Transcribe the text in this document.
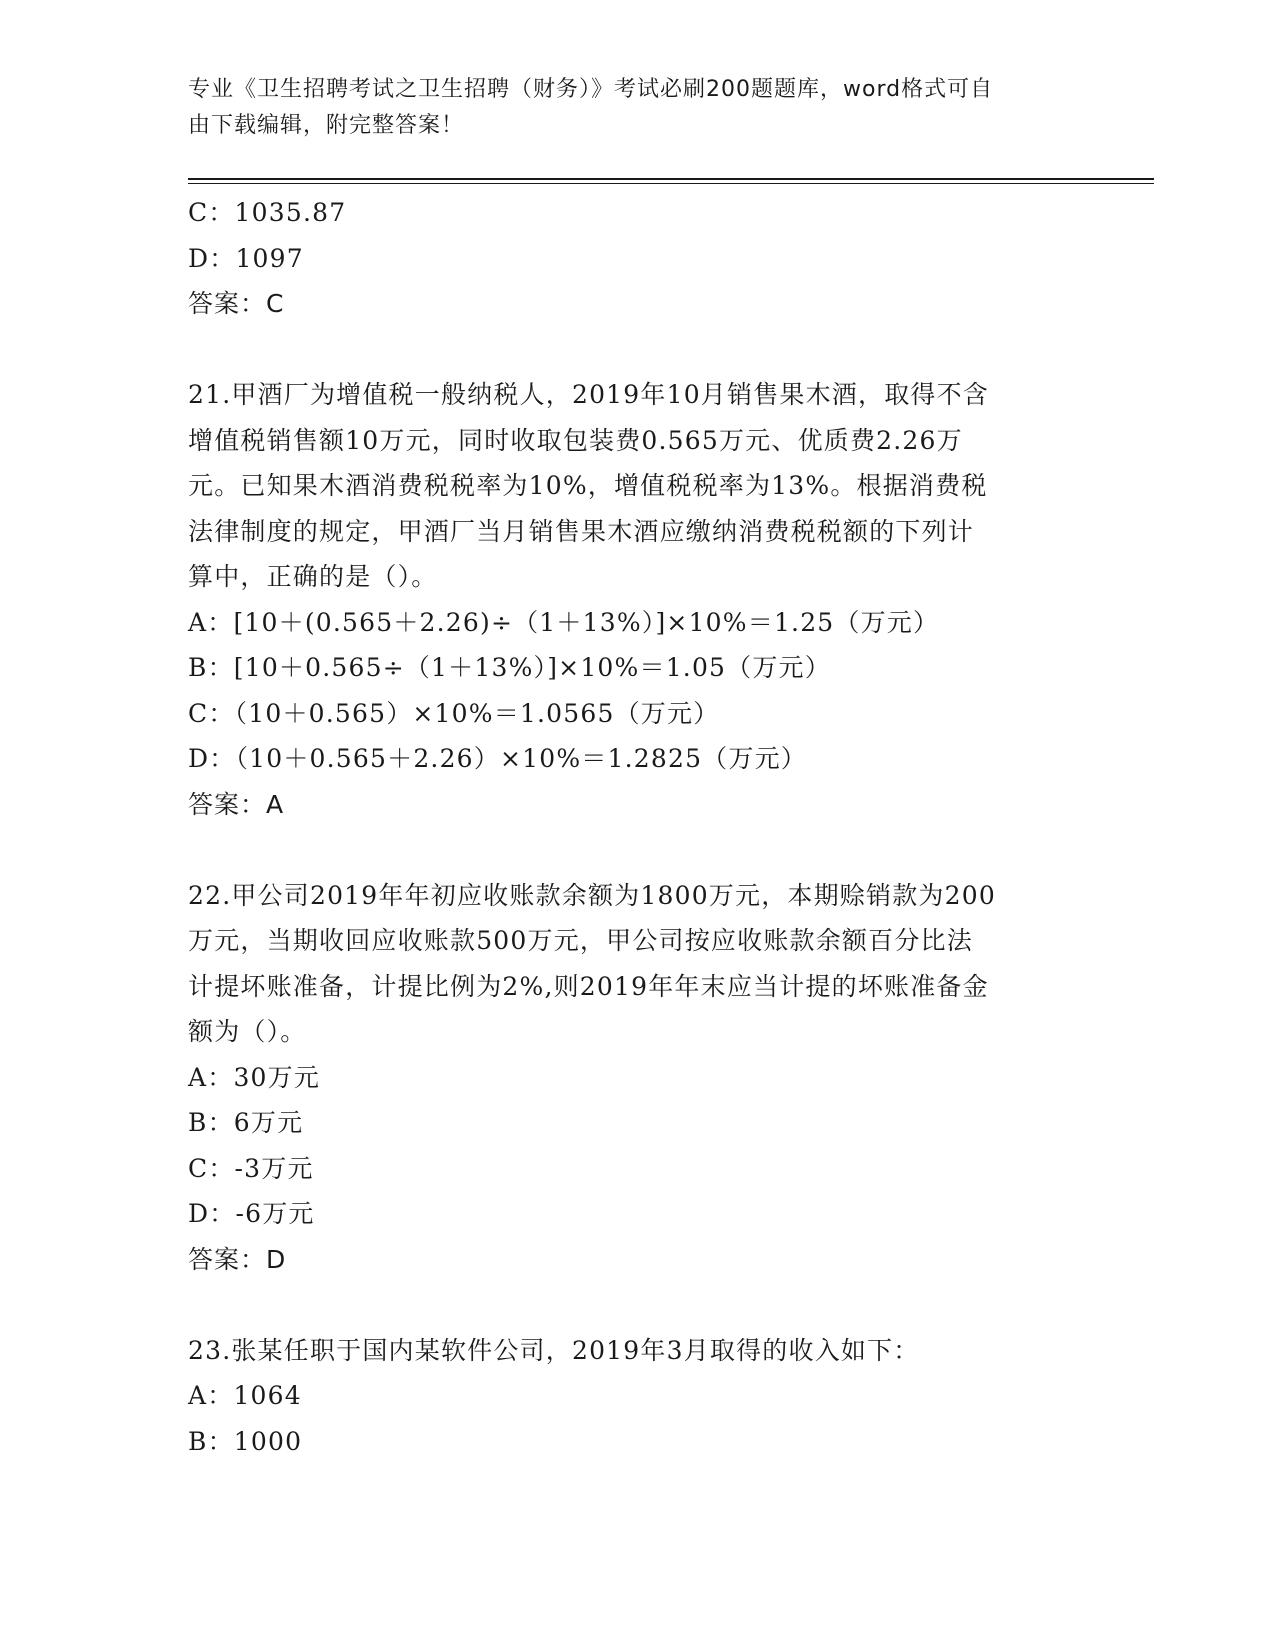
专业《卫生招聘考试之卫生招聘（财务）》考试必刷200题题库，word格式可自
由下载编辑，附完整答案！
C：1035.87
D：1097
答案：C
21.甲酒厂为增值税一般纳税人，2019年10月销售果木酒，取得不含
增值税销售额10万元，同时收取包装费0.565万元、优质费2.26万
元。已知果木酒消费税税率为10%，增值税税率为13%。根据消费税
法律制度的规定，甲酒厂当月销售果木酒应缴纳消费税税额的下列计
算中，正确的是（）。
A：[10＋(0.565＋2.26)÷（1＋13%）]×10%＝1.25（万元）
B：[10＋0.565÷（1＋13%）]×10%＝1.05（万元）
C：（10＋0.565）×10%＝1.0565（万元）
D：（10＋0.565＋2.26）×10%＝1.2825（万元）
答案：A
22.甲公司2019年年初应收账款余额为1800万元，本期赊销款为200
万元，当期收回应收账款500万元，甲公司按应收账款余额百分比法
计提坏账准备，计提比例为2%,则2019年年末应当计提的坏账准备金
额为（）。
A：30万元
B：6万元
C：-3万元
D：-6万元
答案：D
23.张某任职于国内某软件公司，2019年3月取得的收入如下：
A：1064
B：1000
